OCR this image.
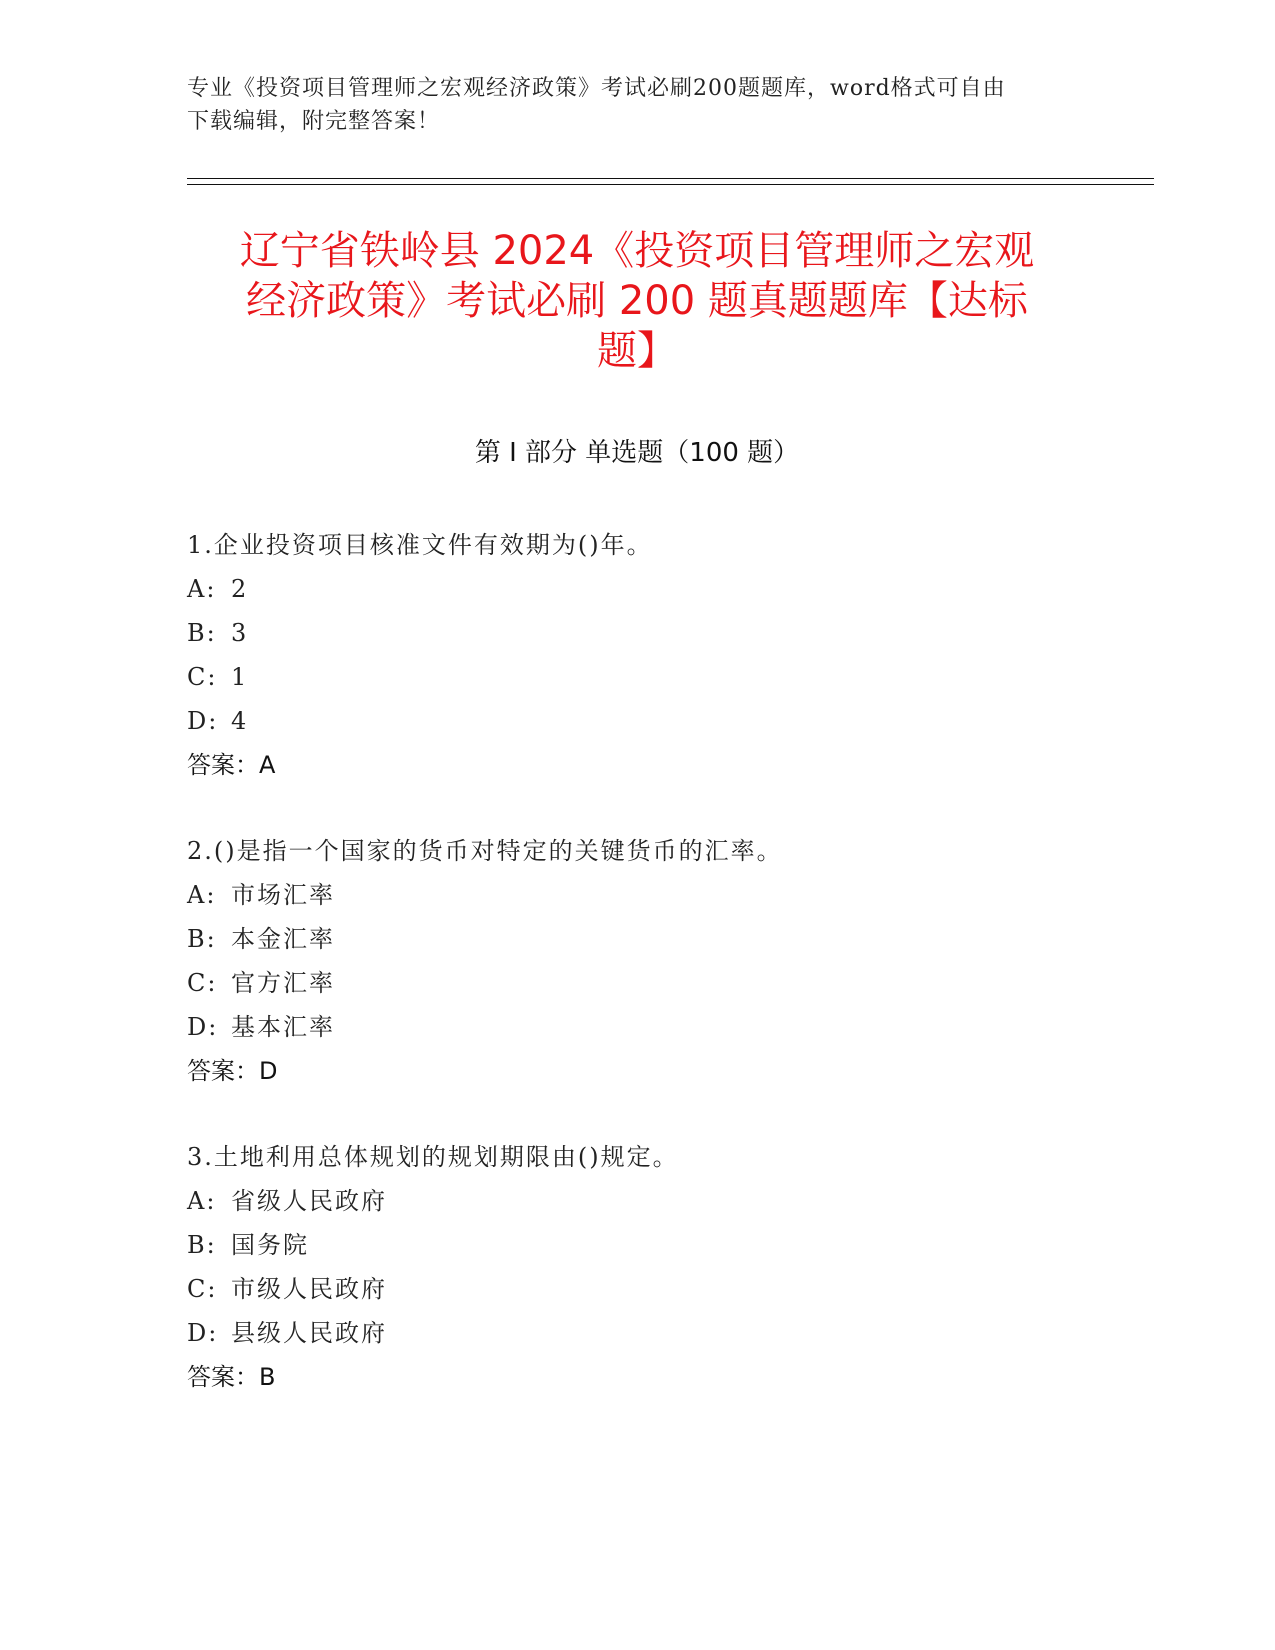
专业《投资项目管理师之宏观经济政策》考试必刷200题题库，word格式可自由
下载编辑，附完整答案！
辽宁省铁岭县 2024《投资项目管理师之宏观
经济政策》考试必刷 200 题真题题库【达标
题】
第 I 部分 单选题（100 题）
1.企业投资项目核准文件有效期为()年。
A: 2
B: 3
C: 1
D: 4
答案：A
2.()是指一个国家的货币对特定的关键货币的汇率。
A: 市场汇率
B: 本金汇率
C: 官方汇率
D: 基本汇率
答案：D
3.土地利用总体规划的规划期限由()规定。
A: 省级人民政府
B: 国务院
C: 市级人民政府
D: 县级人民政府
答案：B
